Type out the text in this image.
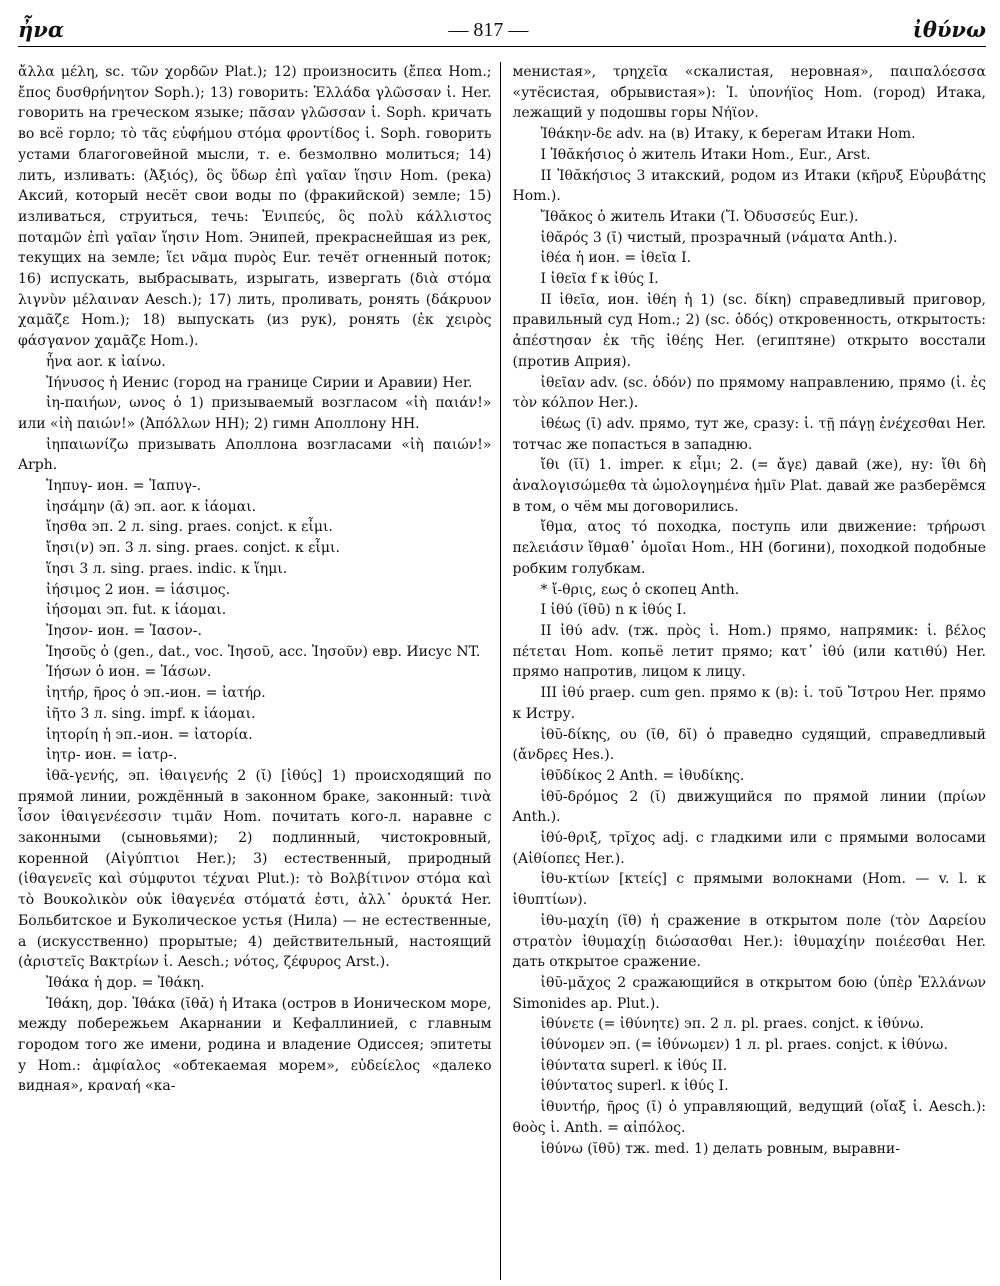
ἦνα	— 817 —	ἰθύνω

ἄλλα μέλη, sc. τῶν χορδῶν Plat.); 12) произносить (ἔπεα Hom.; ἔπος δυσθρήνητον Soph.); 13) говорить: Ἑλλάδα γλῶσσαν ἱ. Her. говорить на греческом языке; πᾶσαν γλῶσσαν ἱ. Soph. кричать во всё горло; τὸ τᾶς εὐφήμου στόμα φροντίδος ἱ. Soph. говорить устами благоговейной мысли, т. е. безмолвно молиться; 14) лить, изливать: (Ἀξιός), ὃς ὕδωρ ἐπὶ γαῖαν ἵησιν Hom. (река) Аксий, который несёт свои воды по (фракийской) земле; 15) изливаться, струиться, течь: Ἐνιπεύς, ὃς πολὺ κάλλιστος ποταμῶν ἐπὶ γαῖαν ἵησιν Hom. Энипей, прекраснейшая из рек, текущих на земле; ἵει νᾶμα πυρὸς Eur. течёт огненный поток; 16) испускать, выбрасывать, изрыгать, извергать (διὰ στόμα λιγνὺν μέλαιναν Aesch.); 17) лить, проливать, ронять (δάκρυον χαμᾶζε Hom.); 18) выпускать (из рук), ронять (ἐκ χειρὸς φάσγανον χαμᾶζε Hom.).

ἦνα aor. к ἰαίνω.

Ἰήνυσος ἡ Иенис (город на границе Сирии и Аравии) Her.

ἰη-παιήων, ωνος ὁ 1) призываемый возгласом «ἰὴ παιάν!» или «ἰὴ παιών!» (Ἀπόλλων HH); 2) гимн Аполлону HH.

ἰηπαιωνίζω призывать Аполлона возгласами «ἰὴ παιών!» Arph.

Ἰηπυγ- ион. = Ἰαπυγ-.

ἰησάμην (ᾱ) эп. aor. к ἰάομαι.

ἴησθα эп. 2 л. sing. praes. conjct. к εἶμι.

ἴησι(ν) эп. 3 л. sing. praes. conjct. к εἶμι.

ἵησι 3 л. sing. praes. indic. к ἵημι.

ἰήσιμος 2 ион. = ἰάσιμος.

ἰήσομαι эп. fut. к ἰάομαι.

Ἰησον- ион. = Ἰασον-.

Ἰησοῦς ὁ (gen., dat., voc. Ἰησοῦ, acc. Ἰησοῦν) евр. Иисус NT.

Ἰήσων ὁ ион. = Ἰάσων.

ἰητήρ, ῆρος ὁ эп.-ион. = ἰατήρ.

ἰῆτο 3 л. sing. impf. к ἰάομαι.

ἰητορίη ἡ эп.-ион. = ἰατορία.

ἰητρ- ион. = ἰατρ-.

ἰθᾱ-γενής, эп. ἰθαιγενής 2 (ῐ) [ἰθύς] 1) происходящий по прямой линии, рождённый в законном браке, законный: τινὰ ἶσον ἰθαιγενέεσσιν τιμᾶν Hom. почитать кого-л. наравне с законными (сыновьями); 2) подлинный, чистокровный, коренной (Αἰγύπτιοι Her.); 3) естественный, природный (ἰθαγενεῖς καὶ σύμφυτοι τέχναι Plut.): τὸ Βολβίτινον στόμα καὶ τὸ Βουκολικὸν οὐκ ἰθαγενέα στόματά ἐστι, ἀλλ᾽ ὀρυκτά Her. Больбитское и Буколическое устья (Нила) — не естественные, а (искусственно) прорытые; 4) действительный, настоящий (ἀριστεῖς Βακτρίων ἱ. Aesch.; νότος, ζέφυρος Arst.).

Ἰθάκα ἡ дор. = Ἰθάκη.

Ἰθάκη, дор. Ἰθάκα (ῐθᾰ) ἡ Итака (остров в Ионическом море, между побережьем Акарнании и Кефаллинией, с главным городом того же имени, родина и владение Одиссея; эпитеты у Hom.: ἀμφίαλος «обтекаемая морем», εὐδείελος «далеко видная», κραναή «ка-

менистая», τρηχεῖα «скалистая, неровная», παιπαλόεσσα «утёсистая, обрывистая»): Ἰ. ὑπονήϊος Hom. (город) Итака, лежащий у подошвы горы Νήϊον.

Ἰθάκην-δε adv. на (в) Итаку, к берегам Итаки Hom.

I Ἰθᾰκήσιος ὁ житель Итаки Hom., Eur., Arst.

II Ἰθᾰκήσιος 3 итакский, родом из Итаки (κῆρυξ Εὐρυβάτης Hom.).

Ἴθᾰκος ὁ житель Итаки (Ἴ. Ὀδυσσεύς Eur.).

ἰθᾰρός 3 (ῑ) чистый, прозрачный (νάματα Anth.).

ἰθέα ἡ ион. = ἰθεῖα I.

I ἰθεῖα f к ἰθύς I.

II ἰθεῖα, ион. ἰθέη ἡ 1) (sc. δίκη) справедливый приговор, правильный суд Hom.; 2) (sc. ὁδός) откровенность, открытость: ἀπέστησαν ἐκ τῆς ἰθέης Her. (египтяне) открыто восстали (против Априя).

ἰθεῖαν adv. (sc. ὁδόν) по прямому направлению, прямо (ἱ. ἐς τὸν κόλπον Her.).

ἰθέως (ῑ) adv. прямо, тут же, сразу: ἱ. τῇ πάγῃ ἐνέχεσθαι Her. тотчас же попасться в западню.

ἴθι (ῐῐ) 1. imper. к εἶμι; 2. (= ἄγε) давай (же), ну: ἴθι δὴ ἀναλογισώμεθα τὰ ὡμολογημένα ἡμῖν Plat. давай же разберёмся в том, о чём мы договорились.

ἴθμα, ατος τό походка, поступь или движение: τρήρωσι πελειάσιν ἴθμαθ᾽ ὁμοῖαι Hom., HH (богини), походкой подобные робким голубкам.

* ἴ-θρις, εως ὁ скопец Anth.

I ἰθύ (ῐθῡ) n к ἰθύς I.

II ἰθύ adv. (тж. πρὸς ἱ. Hom.) прямо, напрямик: ἱ. βέλος πέτεται Hom. копьё летит прямо; κατ᾽ ἰθύ (или κατιθύ) Her. прямо напротив, лицом к лицу.

III ἰθύ praep. cum gen. прямо к (в): ἱ. τοῦ Ἴστρου Her. прямо к Истру.

ἰθῠ-δίκης, ου (ῐθ, δῐ) ὁ праведно судящий, справедливый (ἄνδρες Hes.).

ἰθῠδίκος 2 Anth. = ἰθυδίκης.

ἰθῠ-δρόμος 2 (ῐ) движущийся по прямой линии (πρίων Anth.).

ἰθύ-θριξ, τρῐχος adj. с гладкими или с прямыми волосами (Αἰθίοπες Her.).

ἰθυ-κτίων [κτείς] с прямыми волокнами (Hom. — v. l. к ἰθυπτίων).

ἰθυ-μαχίη (ῐθ) ἡ сражение в открытом поле (τὸν Δαρείου στρατὸν ἰθυμαχίῃ διώσασθαι Her.): ἰθυμαχίην ποιέεσθαι Her. дать открытое сражение.

ἰθῠ-μᾰχος 2 сражающийся в открытом бою (ὑπὲρ Ἑλλάνων Simonides ap. Plut.).

ἰθύνετε (= ἰθύνητε) эп. 2 л. pl. praes. conjct. к ἰθύνω.

ἰθύνομεν эп. (= ἰθύνωμεν) 1 л. pl. praes. conjct. к ἰθύνω.

ἰθύντατα superl. к ἰθύς II.

ἰθύντατος superl. к ἰθύς I.

ἰθυντήρ, ῆρος (ῑ) ὁ управляющий, ведущий (οἴαξ ἱ. Aesch.): θοὸς ἱ. Anth. = αἰπόλος.

ἰθύνω (ῐθῡ) тж. med. 1) делать ровным, выравни-
